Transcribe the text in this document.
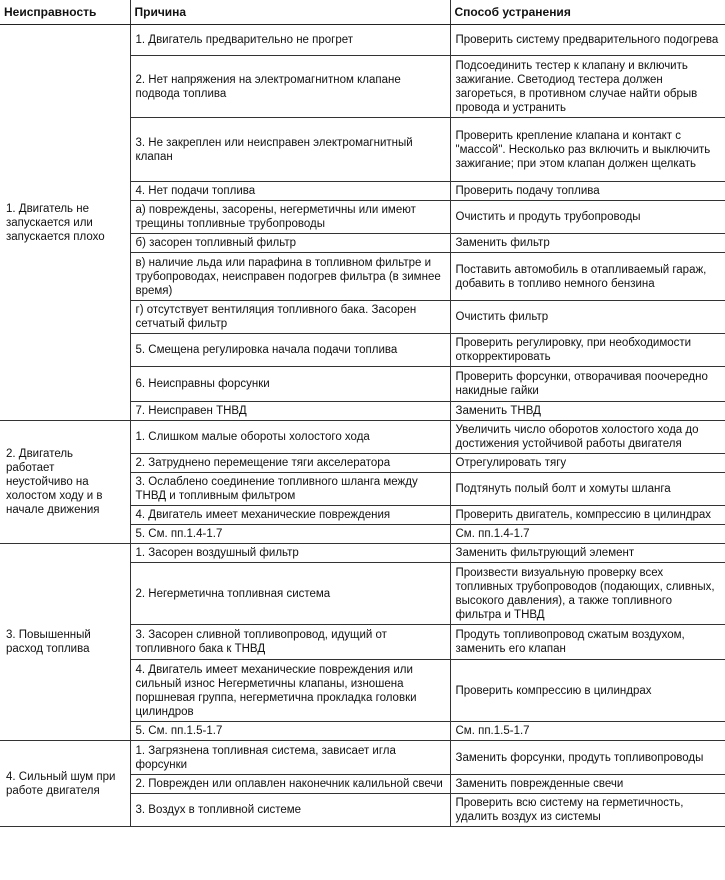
Неисправность	Причина	Способ устранения
1. Двигатель не запускается или запускается плохо	1. Двигатель предварительно не прогрет	Проверить систему предварительного подогрева
	2. Нет напряжения на электромагнитном клапане подвода топлива	Подсоединить тестер к клапану и включить зажигание. Светодиод тестера должен загореться, в противном случае найти обрыв провода и устранить
	3. Не закреплен или неисправен электромагнитный клапан	Проверить крепление клапана и контакт с "массой". Несколько раз включить и выключить зажигание; при этом клапан должен щелкать
	4. Нет подачи топлива	Проверить подачу топлива
	а) повреждены, засорены, негерметичны или имеют трещины топливные трубопроводы	Очистить и продуть трубопроводы
	б) засорен топливный фильтр	Заменить фильтр
	в) наличие льда или парафина в топливном фильтре и трубопроводах, неисправен подогрев фильтра (в зимнее время)	Поставить автомобиль в отапливаемый гараж, добавить в топливо немного бензина
	г) отсутствует вентиляция топливного бака. Засорен сетчатый фильтр	Очистить фильтр
	5. Смещена регулировка начала подачи топлива	Проверить регулировку, при необходимости откорректировать
	6. Неисправны форсунки	Проверить форсунки, отворачивая поочередно накидные гайки
	7. Неисправен ТНВД	Заменить ТНВД
2. Двигатель работает неустойчиво на холостом ходу и в начале движения	1. Слишком малые обороты холостого хода	Увеличить число оборотов холостого хода до достижения устойчивой работы двигателя
	2. Затруднено перемещение тяги акселератора	Отрегулировать тягу
	3. Ослаблено соединение топливного шланга между ТНВД и топливным фильтром	Подтянуть полый болт и хомуты шланга
	4. Двигатель имеет механические повреждения	Проверить двигатель, компрессию в цилиндрах
	5. См. пп.1.4-1.7	См. пп.1.4-1.7
3. Повышенный расход топлива	1. Засорен воздушный фильтр	Заменить фильтрующий элемент
	2. Негерметична топливная система	Произвести визуальную проверку всех топливных трубопроводов (подающих, сливных, высокого давления), а также топливного фильтра и ТНВД
	3. Засорен сливной топливопровод, идущий от топливного бака к ТНВД	Продуть топливопровод сжатым воздухом, заменить его клапан
	4. Двигатель имеет механические повреждения или сильный износ Негерметичны клапаны, изношена поршневая группа, негерметична прокладка головки цилиндров	Проверить компрессию в цилиндрах
	5. См. пп.1.5-1.7	См. пп.1.5-1.7
4. Сильный шум при работе двигателя	1. Загрязнена топливная система, зависает игла форсунки	Заменить форсунки, продуть топливопроводы
	2. Поврежден или оплавлен наконечник калильной свечи	Заменить поврежденные свечи
	3. Воздух в топливной системе	Проверить всю систему на герметичность, удалить воздух из системы
